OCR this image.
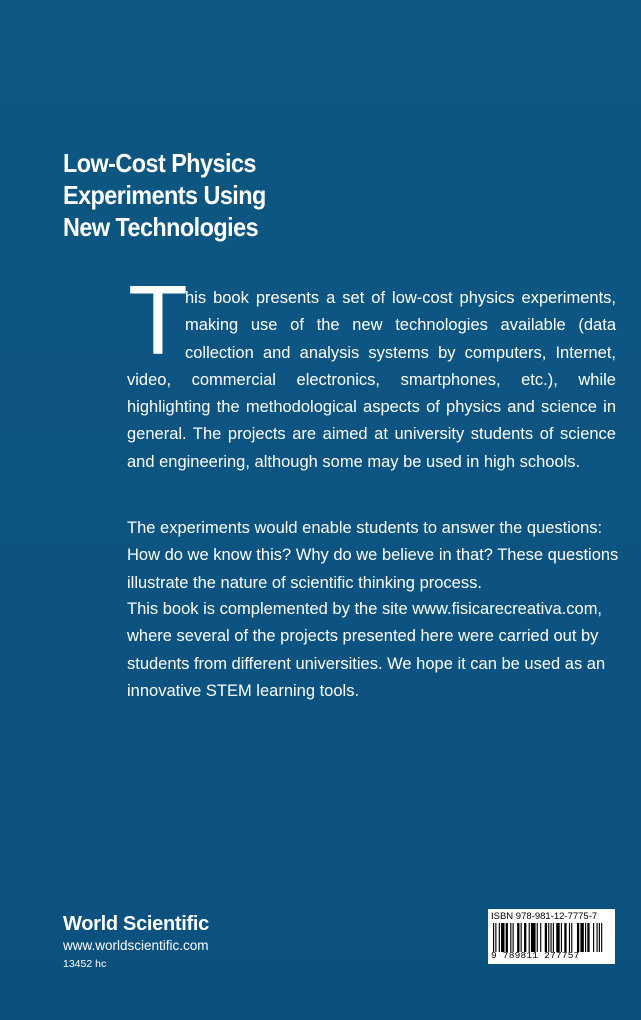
Low-Cost Physics
Experiments Using
New Technologies
T

his book presents a set of low-cost physics experiments,
making use of the new technologies available (data
collection and analysis systems by computers, Internet,
video, commercial electronics, smartphones, etc.), while
highlighting the methodological aspects of physics and science in
general. The projects are aimed at university students of science
and engineering, although some may be used in high schools.

The experiments would enable students to answer the questions:
How do we know this? Why do we believe in that? These questions
illustrate the nature of scientific thinking process.

This book is complemented by the site www.fisicarecreativa.com,
where several of the projects presented here were carried out by
students from different universities. We hope it can be used as an
innovative STEM learning tools.

World Scientific
www.worldscientific.com
13452 hc
ISBN 978-981-12-7775-7
9 789811 277757
